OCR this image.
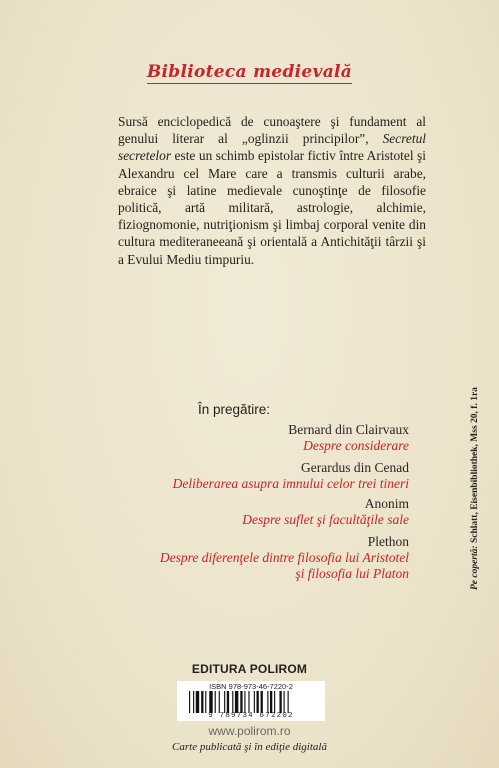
Biblioteca medievală

Sursă enciclopedică de cunoaştere şi fundament al genului literar al „oglinzii principilor”, Secretul secretelor este un schimb epistolar fictiv între Aristotel şi Alexandru cel Mare care a transmis culturii arabe, ebraice şi latine medievale cunoştinţe de filosofie politică, artă militară, astrologie, alchimie, fiziognomonie, nutriţionism şi limbaj corporal venite din cultura mediteraneeană şi orientală a Antichităţii târzii şi a Evului Mediu timpuriu.

În pregătire:
Bernard din Clairvaux
Despre considerare
Gerardus din Cenad
Deliberarea asupra imnului celor trei tineri
Anonim
Despre suflet şi facultăţile sale
Plethon
Despre diferenţele dintre filosofia lui Aristotel
şi filosofia lui Platon
EDITURA POLIROM
ISBN 978-973-46-7220-2
9 789734 672202
www.polirom.ro
Carte publicată şi în ediţie digitală
Pe copertă: Schlatt, Eisenbibliothek, Mss 20, f. 1ra
